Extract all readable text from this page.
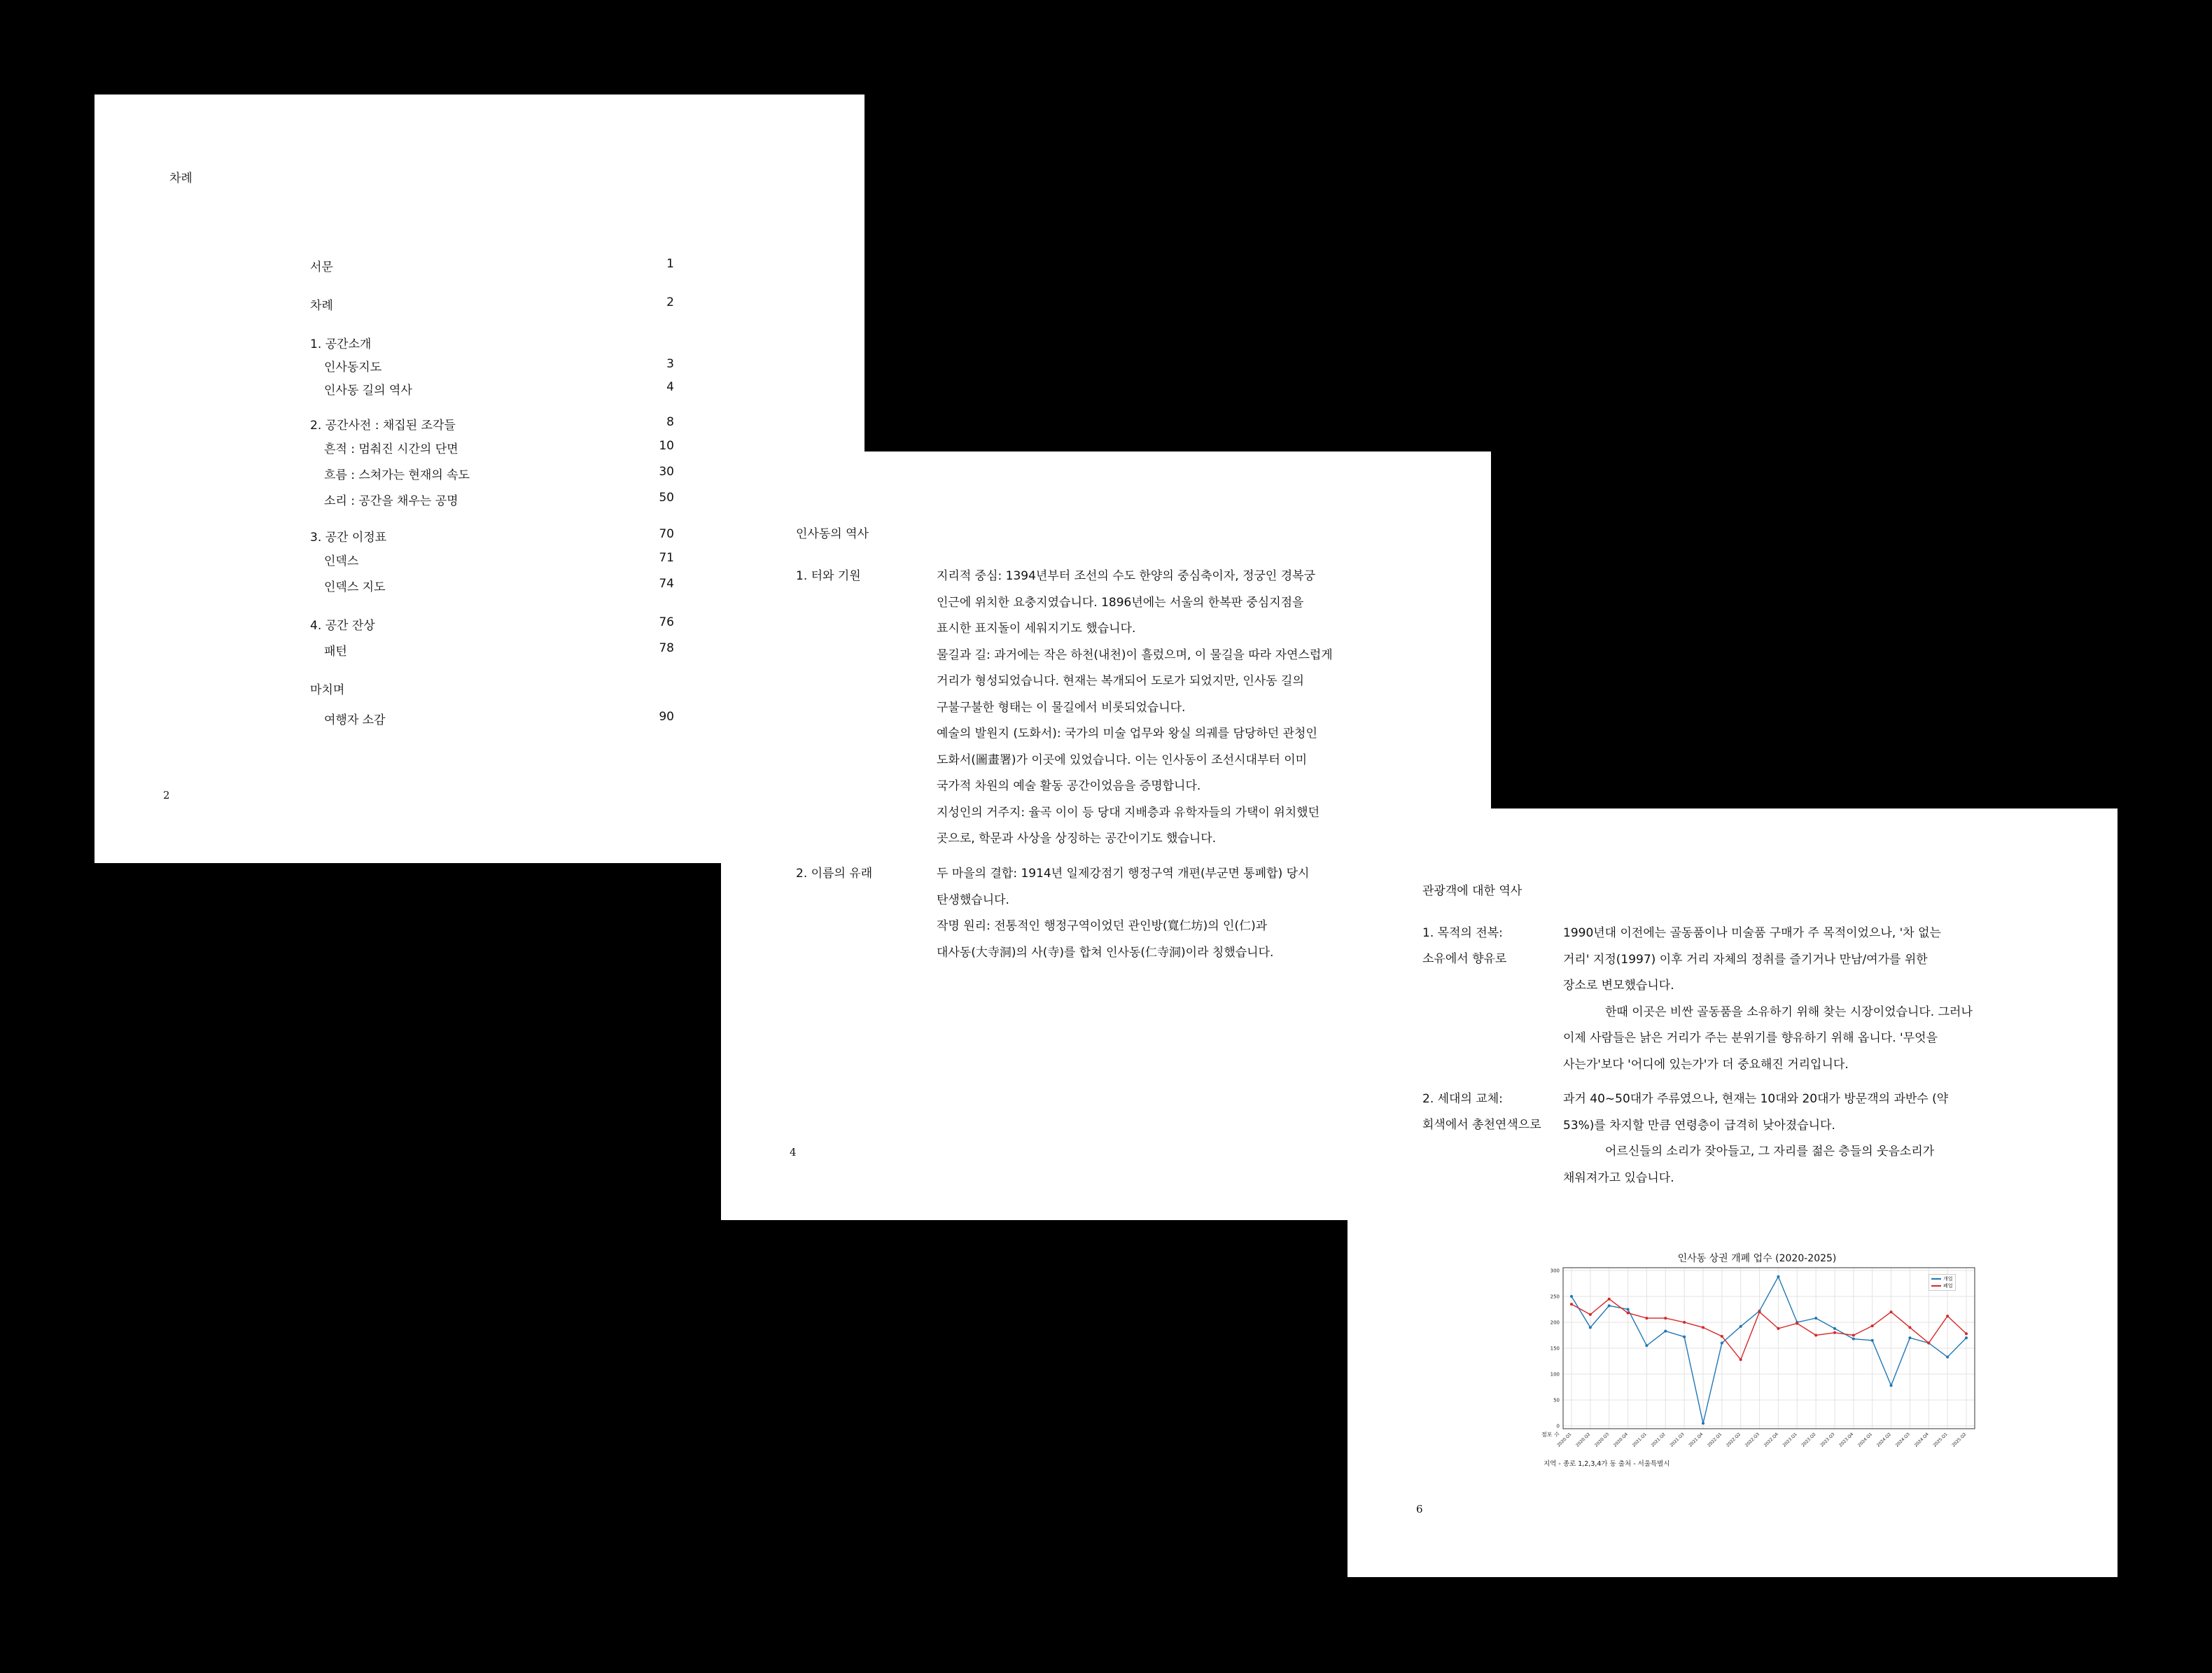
차례
서문	1
차례	2
1. 공간소개
인사동지도	3
인사동 길의 역사	4
2. 공간사전 : 채집된 조각들	8
흔적 : 멈춰진 시간의 단면	10
흐름 : 스쳐가는 현재의 속도	30
소리 : 공간을 채우는 공명	50
3. 공간 이정표	70
인덱스	71
인덱스 지도	74
4. 공간 잔상	76
패턴	78
마치며
여행자 소감	90
2
인사동의 역사
1. 터와 기원	지리적 중심: 1394년부터 조선의 수도 한양의 중심축이자, 정궁인 경복궁

인근에 위치한 요충지였습니다. 1896년에는 서울의 한복판 중심지점을

표시한 표지돌이 세워지기도 했습니다.

물길과 길: 과거에는 작은 하천(내천)이 흘렀으며, 이 물길을 따라 자연스럽게

거리가 형성되었습니다. 현재는 복개되어 도로가 되었지만, 인사동 길의

구불구불한 형태는 이 물길에서 비롯되었습니다.

예술의 발원지 (도화서): 국가의 미술 업무와 왕실 의궤를 담당하던 관청인

도화서(圖畫署)가 이곳에 있었습니다. 이는 인사동이 조선시대부터 이미

국가적 차원의 예술 활동 공간이었음을 증명합니다.

지성인의 거주지: 율곡 이이 등 당대 지배층과 유학자들의 가택이 위치했던

곳으로, 학문과 사상을 상징하는 공간이기도 했습니다.

2. 이름의 유래	두 마을의 결합: 1914년 일제강점기 행정구역 개편(부군면 통폐합) 당시

탄생했습니다.

작명 원리: 전통적인 행정구역이었던 관인방(寬仁坊)의 인(仁)과

대사동(大寺洞)의 사(寺)를 합쳐 인사동(仁寺洞)이라 칭했습니다.

4
관광객에 대한 역사
1. 목적의 전복:
소유에서 향유로

1990년대 이전에는 골동품이나 미술품 구매가 주 목적이었으나, '차 없는

거리' 지정(1997) 이후 거리 자체의 정취를 즐기거나 만남/여가를 위한

장소로 변모했습니다.

한때 이곳은 비싼 골동품을 소유하기 위해 찾는 시장이었습니다. 그러나

이제 사람들은 낡은 거리가 주는 분위기를 향유하기 위해 옵니다. '무엇을

사는가'보다 '어디에 있는가'가 더 중요해진 거리입니다.

2. 세대의 교체:
회색에서 총천연색으로

과거 40~50대가 주류였으나, 현재는 10대와 20대가 방문객의 과반수 (약

53%)를 차지할 만큼 연령층이 급격히 낮아졌습니다.

어르신들의 소리가 잦아들고, 그 자리를 젊은 층들의 웃음소리가

채워져가고 있습니다.

인사동 상권 개폐 업수 (2020-2025)
0
50
100
150
200
250
300
2020.Q1 2020.Q2 2020.Q3 2020.Q4 2021.Q1 2021.Q2 2021.Q3 2021.Q4 2022.Q1 2022.Q2 2022.Q3 2022.Q4 2023.Q1 2023.Q2 2023.Q3 2023.Q4 2024.Q1 2024.Q2 2024.Q3 2024.Q4 2025.Q1 2025.Q2
점포 수
개업
폐업
지역 - 종로 1,2,3,4가 동 출처 - 서울특별시
6
